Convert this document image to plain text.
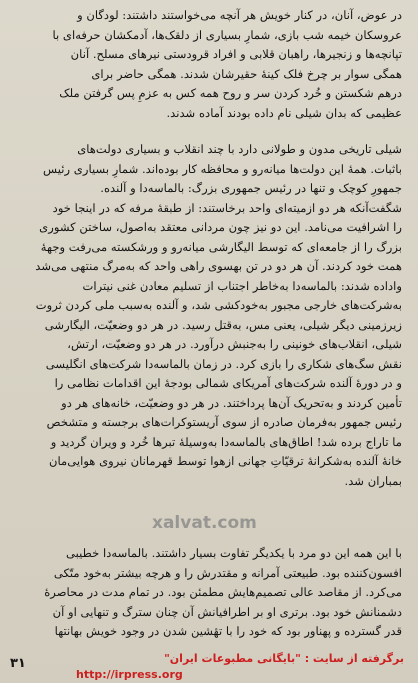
در عوض، آنان، در کنار خویش هر آنچه می‌خواستند داشتند: لودگان و
عروسکان خیمه شب بازی، شمارِ بسیاری از دلقک‌ها، آدمکشان حرفه‌ای با
تپانچه‌ها و زنجیرها، راهبان قلابی و افراد قرودستی نیرهای مسلح. آنان
همگی سوار بر چرخ فلک کینهٔ حقیرشان شدند. همگی حاضر برای
درهم شکستن و خُرد کردن سر و روح همه کس به عزمِ پس گرفتن ملک
عظیمی که بدان شیلی نام داده بودند آماده شدند.
شیلی تاریخی مدون و طولانی دارد با چند انقلاب و بسیاری دولت‌های
باثبات. همهٔ این دولت‌ها میانه‌رو و محافظه کار بوده‌اند. شمارِ بسیاری رئیس
جمهورِ کوچک و تنها در رئیس جمهوری بزرگ: بالماسه‌دا و آلنده.
شگفت‌آنکه هر دو ازمیته‌ای واحد برخاستند: از طبقهٔ مرفه که در اینجا خود
را اشرافیت می‌نامد. این دو نیز چون مردانی معتقد به‌اصول، ساختن کشوری
بزرگ را از جامعه‌ای که توسط الیگارشی میانه‌رو و ورشکسته می‌رفت وجههٔ
همت خود کردند. آن هر دو در تن بهسوی راهی واحد که به‌مرگ منتهی می‌شد
واداده شدند: بالماسه‌دا به‌خاطر اجتناب از تسلیم معادن غنی نیترات
به‌شرکت‌های خارجی مجبور به‌خودکشی شد، و آلنده به‌سبب ملی کردن ثروت
زیرزمینی دیگر شیلی، یعنی مس، به‌قتل رسید. در هر دو وضعیّت، الیگارشی
شیلی، انقلاب‌های خونینی را به‌جنبش درآورد. در هر دو وضعیّت، ارتش،
نقش سگ‌های شکاری را بازی کرد. در زمان بالماسه‌دا شرکت‌های انگلیسی
و در دورهٔ آلنده شرکت‌های آمریکای شمالی بودجهٔ این اقدامات نظامی را
تأمین کردند و به‌تحریک آن‌ها پرداختند. در هر دو وضعیّت، خانه‌های هر دو
رئیس جمهور به‌فرمان صادره از سوی آریستوکرات‌های برجسته و متشخص
ما تاراج برده شد! اطاق‌های بالماسه‌دا به‌وسیلهٔ تبرها خُرد و ویران گردید و
خانهٔ آلنده به‌شکرانهٔ ترقیّاتِ جهانی ازهوا توسط قهرمانان نیروی هوایی‌مان
بمباران شد.
xalvat.com
با این همه این دو مرد با یکدیگر تفاوت بسیار داشتند. بالماسه‌دا خطیبی
افسون‌کننده بود. طبیعتی آمرانه و مقتدرش را و هرچه بیشتر به‌خود متّکی
می‌کرد. از مقاصد عالی تصمیم‌هایش مطمئن بود. در تمام مدت در محاصرهٔ
دشمنانش خود بود. برتری او بر اطرافیانش آن چنان سترگ و تنهایی او آن
قدر گسترده و پهناور بود که خود را با تهٔشین شدن در وجود خویش بهانتها
۳۱	برگرفته از سایت : "بایگانی مطبوعات ایران"
http://irpress.org
